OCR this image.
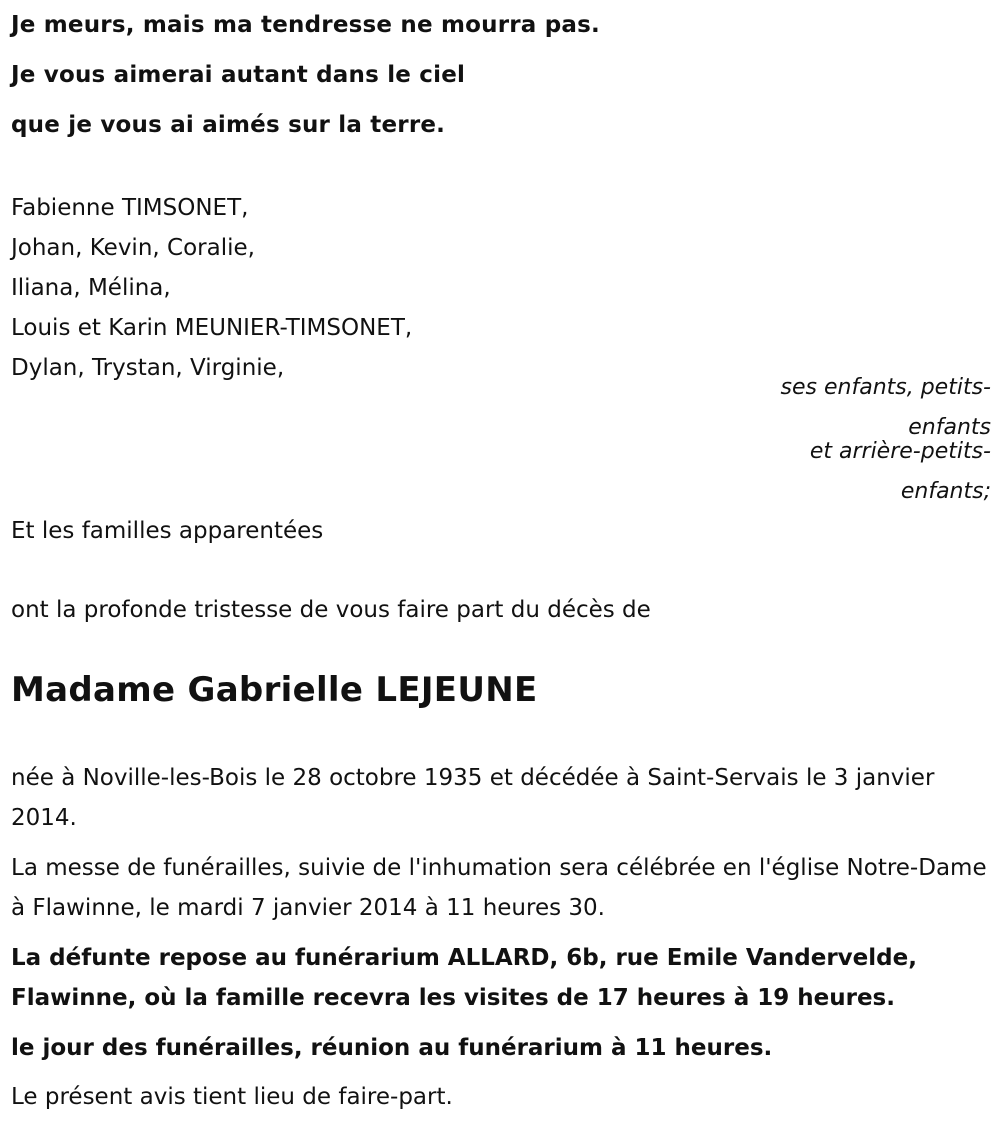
Je meurs, mais ma tendresse ne mourra pas.
Je vous aimerai autant dans le ciel
que je vous ai aimés sur la terre.
Fabienne TIMSONET,
Johan, Kevin, Coralie,
Iliana, Mélina,
Louis et Karin MEUNIER-TIMSONET,
Dylan, Trystan, Virginie,
ses enfants, petits-enfants
et arrière-petits-enfants;
Et les familles apparentées
ont la profonde tristesse de vous faire part du décès de
Madame Gabrielle LEJEUNE
née à Noville-les-Bois le 28 octobre 1935 et décédée à Saint-Servais le 3 janvier 2014.
La messe de funérailles, suivie de l'inhumation sera célébrée en l'église Notre-Dame à Flawinne, le mardi 7 janvier 2014 à 11 heures 30.
La défunte repose au funérarium ALLARD, 6b, rue Emile Vandervelde, Flawinne, où la famille recevra les visites de 17 heures à 19 heures.
le jour des funérailles, réunion au funérarium à 11 heures.
Le présent avis tient lieu de faire-part.
